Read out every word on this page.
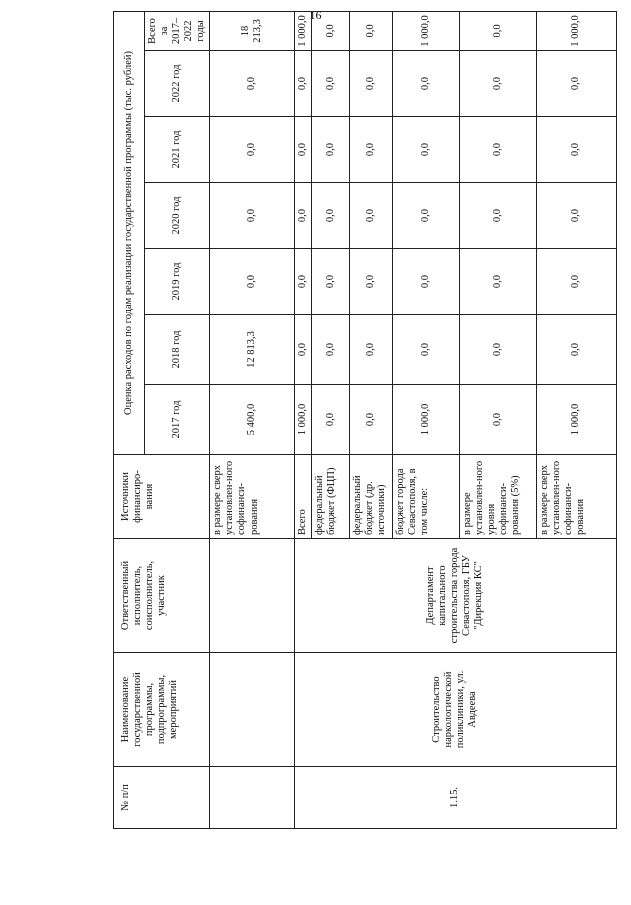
16
№ п/п	Наименование государственной программы, подпрограммы, мероприятий	Ответственный исполнитель, соисполнитель, участник	Источники финансиро-вания	Оценка расходов по годам реализации государственной программы (тыс. рублей)						
				2017 год	2018 год	2019 год	2020 год	2021 год	2022 год	Всего за 2017–2022 годы
			в размере сверх установлен-ного софинанси-рования	5 400,0	12 813,3	0,0	0,0	0,0	0,0	18 213,3
1.15.	Строительство наркологической поликлиники, ул. Авдеева	Департамент капитального строительства города Севастополя, ГБУ "Дирекция КС"	Всего	1 000,0	0,0	0,0	0,0	0,0	0,0	1 000,0
			федеральный бюджет (ФЦП)	0,0	0,0	0,0	0,0	0,0	0,0	0,0
			федеральный бюджет (др. источники)	0,0	0,0	0,0	0,0	0,0	0,0	0,0
			бюджет города Севастополя, в том числе:	1 000,0	0,0	0,0	0,0	0,0	0,0	1 000,0
			в размере установлен-ного уровня софинанси-рования (5%)	0,0	0,0	0,0	0,0	0,0	0,0	0,0
			в размере сверх установлен-ного софинанси-рования	1 000,0	0,0	0,0	0,0	0,0	0,0	1 000,0
